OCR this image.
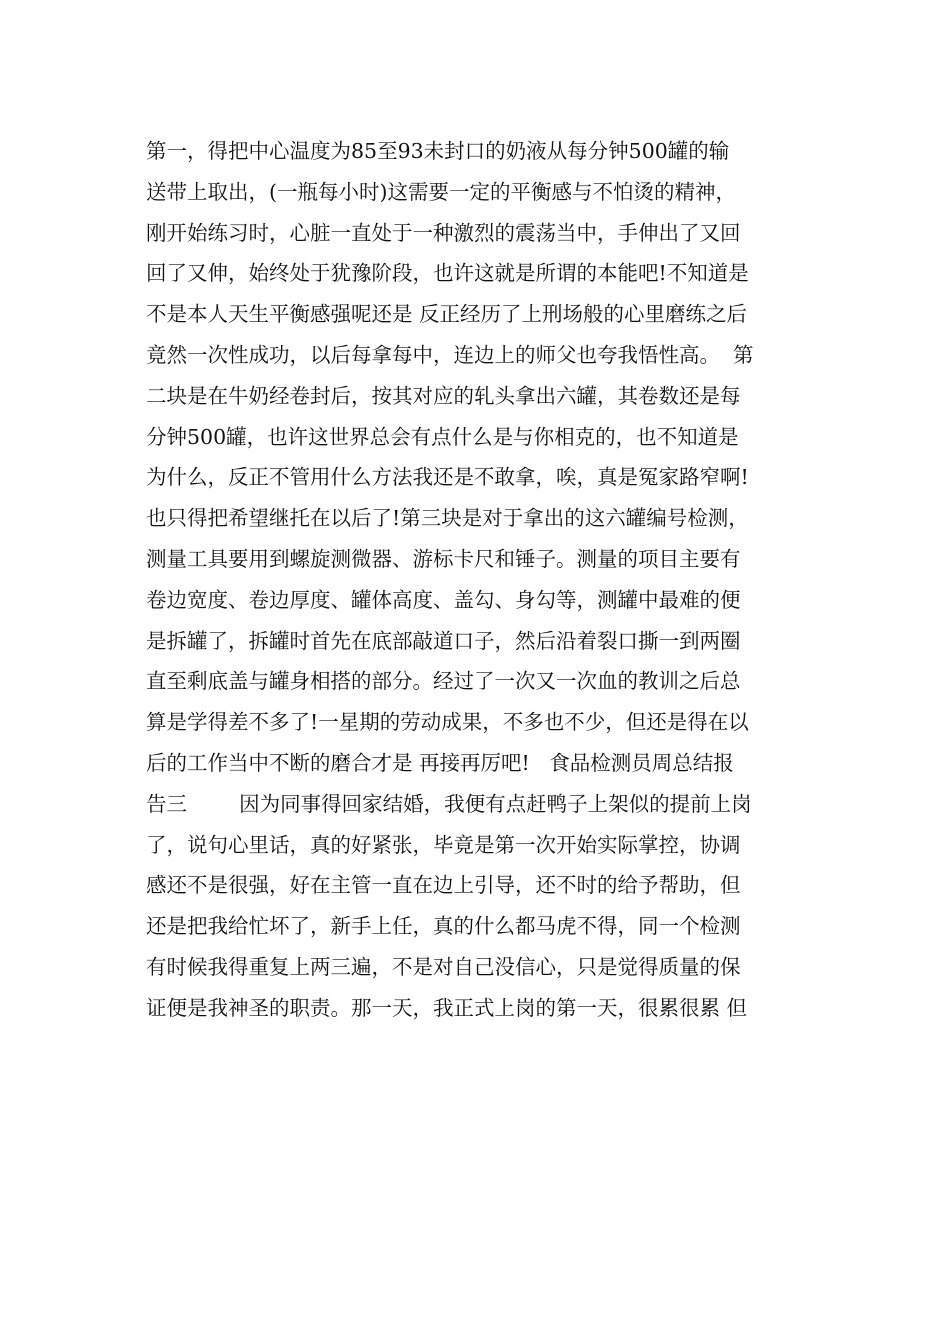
第一，得把中心温度为85至93未封口的奶液从每分钟500罐的输
送带上取出，(一瓶每小时)这需要一定的平衡感与不怕烫的精神，
刚开始练习时，心脏一直处于一种激烈的震荡当中，手伸出了又回
回了又伸，始终处于犹豫阶段，也许这就是所谓的本能吧!不知道是
不是本人天生平衡感强呢还是 反正经历了上刑场般的心里磨练之后
竟然一次性成功，以后每拿每中，连边上的师父也夸我悟性高。  第
二块是在牛奶经卷封后，按其对应的轧头拿出六罐，其卷数还是每
分钟500罐，也许这世界总会有点什么是与你相克的，也不知道是
为什么，反正不管用什么方法我还是不敢拿，唉，真是冤家路窄啊!
也只得把希望继托在以后了!第三块是对于拿出的这六罐编号检测，
测量工具要用到螺旋测微器、游标卡尺和锤子。测量的项目主要有
卷边宽度、卷边厚度、罐体高度、盖勾、身勾等，测罐中最难的便
是拆罐了，拆罐时首先在底部敲道口子，然后沿着裂口撕一到两圈
直至剩底盖与罐身相搭的部分。经过了一次又一次血的教训之后总
算是学得差不多了!一星期的劳动成果，不多也不少，但还是得在以
后的工作当中不断的磨合才是 再接再厉吧!   食品检测员周总结报
告三        因为同事得回家结婚，我便有点赶鸭子上架似的提前上岗
了，说句心里话，真的好紧张，毕竟是第一次开始实际掌控，协调
感还不是很强，好在主管一直在边上引导，还不时的给予帮助，但
还是把我给忙坏了，新手上任，真的什么都马虎不得，同一个检测
有时候我得重复上两三遍，不是对自己没信心，只是觉得质量的保
证便是我神圣的职责。那一天，我正式上岗的第一天，很累很累 但
